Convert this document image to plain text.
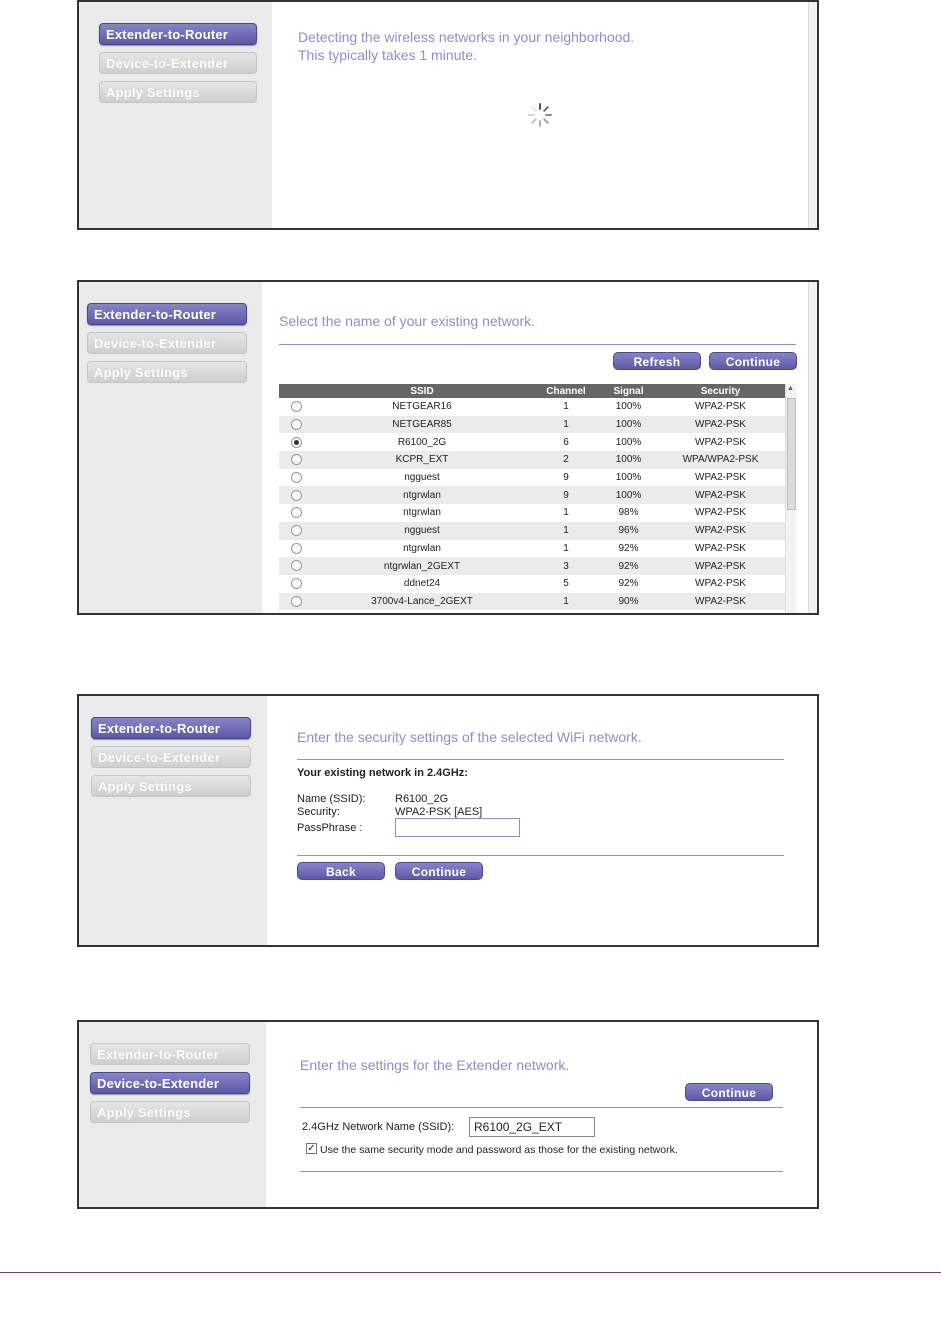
Extender-to-Router
Device-to-Extender
Apply Settings
Detecting the wireless networks in your neighborhood.
This typically takes 1 minute.
Extender-to-Router
Device-to-Extender
Apply Settings
Select the name of your existing network.
Refresh	Continue
	SSID	Channel	Signal	Security
	NETGEAR16	1	100%	WPA2-PSK
	NETGEAR85	1	100%	WPA2-PSK
	R6100_2G	6	100%	WPA2-PSK
	KCPR_EXT	2	100%	WPA/WPA2-PSK
	ngguest	9	100%	WPA2-PSK
	ntgrwlan	9	100%	WPA2-PSK
	ntgrwlan	1	98%	WPA2-PSK
	ngguest	1	96%	WPA2-PSK
	ntgrwlan	1	92%	WPA2-PSK
	ntgrwlan_2GEXT	3	92%	WPA2-PSK
	ddnet24	5	92%	WPA2-PSK
	3700v4-Lance_2GEXT	1	90%	WPA2-PSK
▲
Extender-to-Router
Device-to-Extender
Apply Settings
Enter the security settings of the selected WiFi network.
Your existing network in 2.4GHz:
Name (SSID):	R6100_2G
Security:	WPA2-PSK [AES]
PassPhrase :
Back	Continue
Extender-to-Router
Device-to-Extender
Apply Settings
Enter the settings for the Extender network.
Continue
2.4GHz Network Name (SSID):	R6100_2G_EXT
✓ Use the same security mode and password as those for the existing network.
